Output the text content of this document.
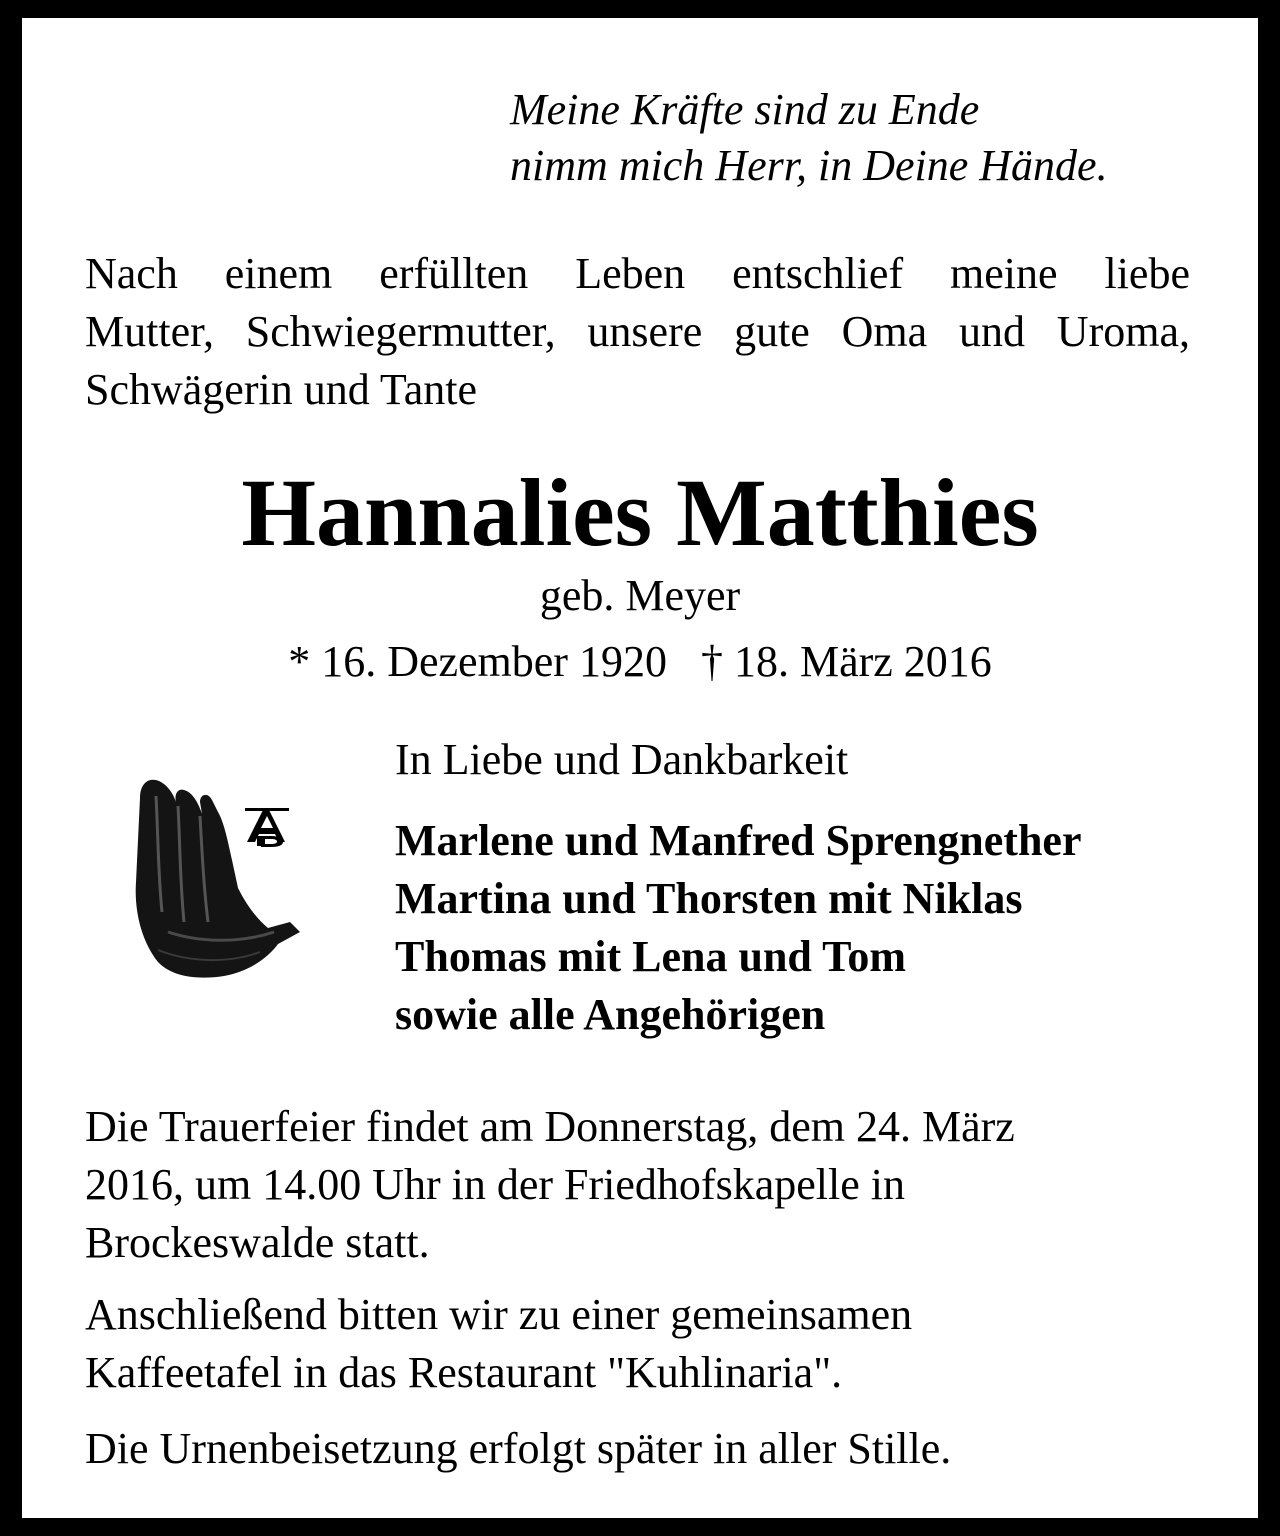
Meine Kräfte sind zu Ende
nimm mich Herr, in Deine Hände.
Nach einem erfüllten Leben entschlief meine liebe
Mutter, Schwiegermutter, unsere gute Oma und Uroma,
Schwägerin und Tante
Hannalies Matthies
geb. Meyer
* 16. Dezember 1920 † 18. März 2016
In Liebe und Dankbarkeit
Marlene und Manfred Sprengnether
Martina und Thorsten mit Niklas
Thomas mit Lena und Tom
sowie alle Angehörigen
Die Trauerfeier findet am Donnerstag, dem 24. März
2016, um 14.00 Uhr in der Friedhofskapelle in
Brockeswalde statt.
Anschließend bitten wir zu einer gemeinsamen
Kaffeetafel in das Restaurant "Kuhlinaria".
Die Urnenbeisetzung erfolgt später in aller Stille.
